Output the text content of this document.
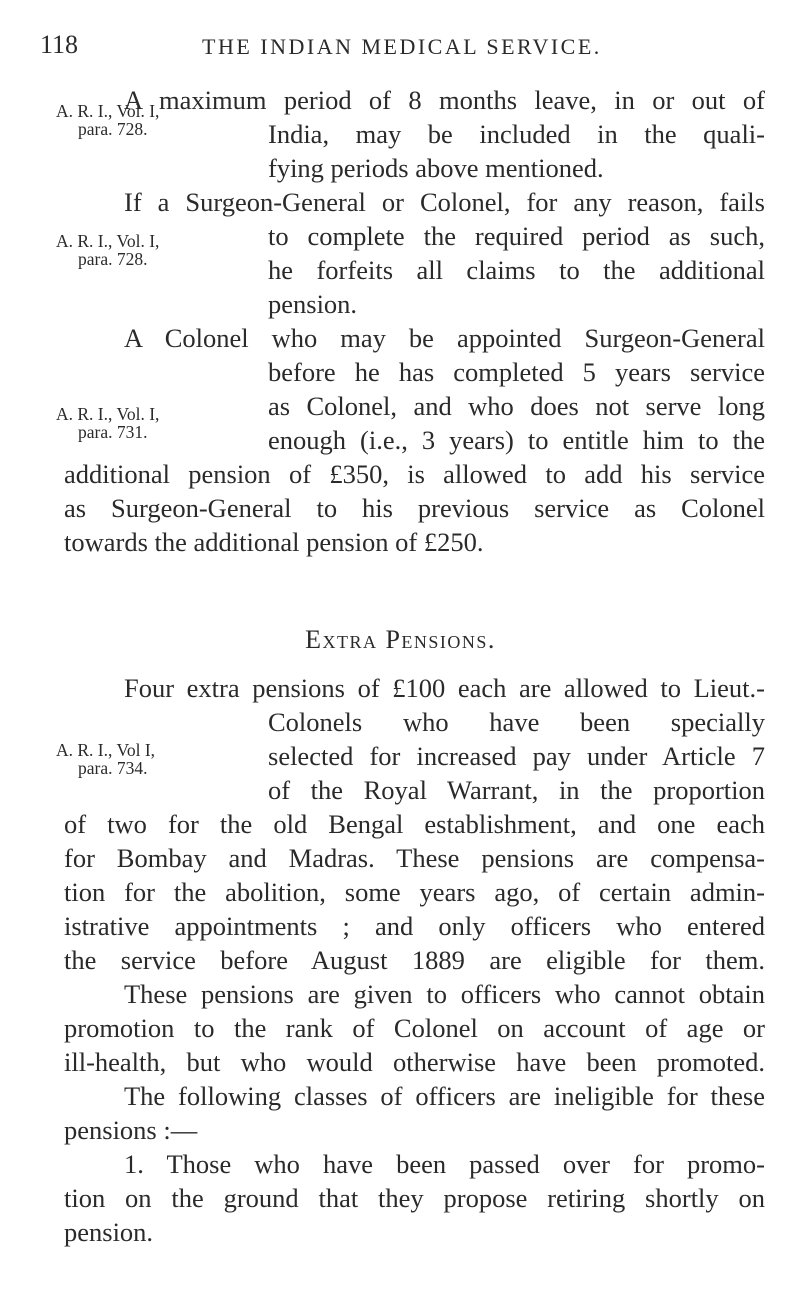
118	THE INDIAN MEDICAL SERVICE.
A. R. I., Vol. I,
para. 728.
A. R. I., Vol. I,
para. 728.
A. R. I., Vol. I,
para. 731.
A. R. I., Vol I,
para. 734.
A maximum period of 8 months leave, in or out of
India, may be included in the quali-
fying periods above mentioned.
If a Surgeon-General or Colonel, for any reason, fails
to complete the required period as such,
he forfeits all claims to the additional
pension.
A Colonel who may be appointed Surgeon-General
before he has completed 5 years service
as Colonel, and who does not serve long
enough (i.e., 3 years) to entitle him to the
additional pension of £350, is allowed to add his service
as Surgeon-General to his previous service as Colonel
towards the additional pension of £250.
Extra Pensions.
Four extra pensions of £100 each are allowed to Lieut.-
Colonels who have been specially
selected for increased pay under Article 7
of the Royal Warrant, in the proportion
of two for the old Bengal establishment, and one each
for Bombay and Madras. These pensions are compensa-
tion for the abolition, some years ago, of certain admin-
istrative appointments ; and only officers who entered
the service before August 1889 are eligible for them.
These pensions are given to officers who cannot obtain
promotion to the rank of Colonel on account of age or
ill-health, but who would otherwise have been promoted.
The following classes of officers are ineligible for these
pensions :—
1. Those who have been passed over for promo-
tion on the ground that they propose retiring shortly on
pension.
